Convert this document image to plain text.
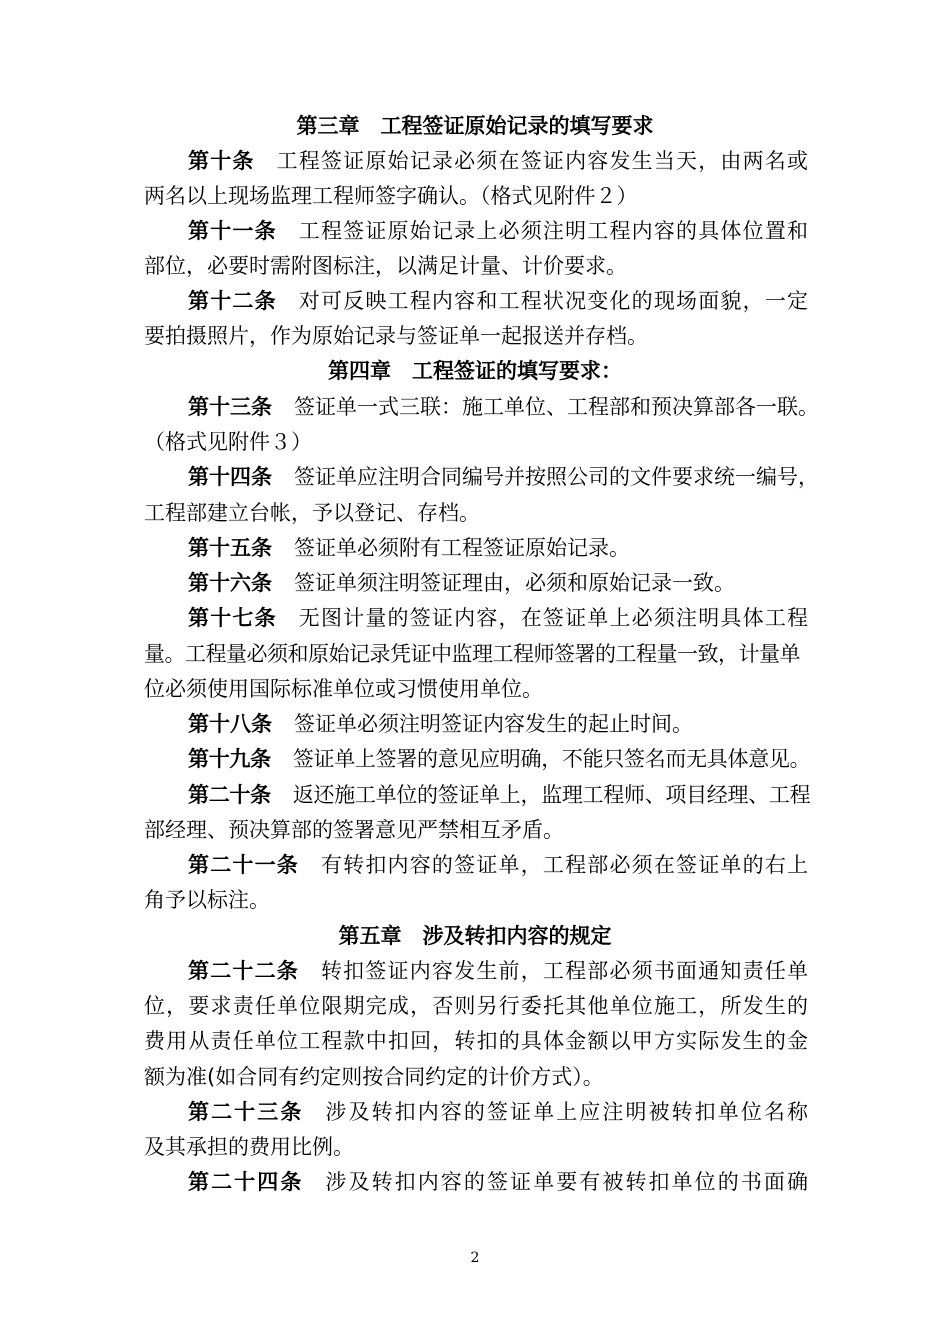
第三章　工程签证原始记录的填写要求
第十条 工程签证原始记录必须在签证内容发生当天，由两名或
两名以上现场监理工程师签字确认。（格式见附件２）
第十一条 工程签证原始记录上必须注明工程内容的具体位置和
部位，必要时需附图标注，以满足计量、计价要求。
第十二条 对可反映工程内容和工程状况变化的现场面貌，一定
要拍摄照片，作为原始记录与签证单一起报送并存档。
第四章　工程签证的填写要求：
第十三条 签证单一式三联：施工单位、工程部和预决算部各一联。
（格式见附件３）
第十四条 签证单应注明合同编号并按照公司的文件要求统一编号，
工程部建立台帐，予以登记、存档。
第十五条 签证单必须附有工程签证原始记录。
第十六条 签证单须注明签证理由，必须和原始记录一致。
第十七条 无图计量的签证内容，在签证单上必须注明具体工程
量。工程量必须和原始记录凭证中监理工程师签署的工程量一致，计量单
位必须使用国际标准单位或习惯使用单位。
第十八条 签证单必须注明签证内容发生的起止时间。
第十九条 签证单上签署的意见应明确，不能只签名而无具体意见。
第二十条 返还施工单位的签证单上，监理工程师、项目经理、工程
部经理、预决算部的签署意见严禁相互矛盾。
第二十一条 有转扣内容的签证单，工程部必须在签证单的右上
角予以标注。
第五章　涉及转扣内容的规定
第二十二条 转扣签证内容发生前，工程部必须书面通知责任单
位，要求责任单位限期完成，否则另行委托其他单位施工，所发生的
费用从责任单位工程款中扣回，转扣的具体金额以甲方实际发生的金
额为准(如合同有约定则按合同约定的计价方式）。
第二十三条 涉及转扣内容的签证单上应注明被转扣单位名称
及其承担的费用比例。
第二十四条 涉及转扣内容的签证单要有被转扣单位的书面确
2
